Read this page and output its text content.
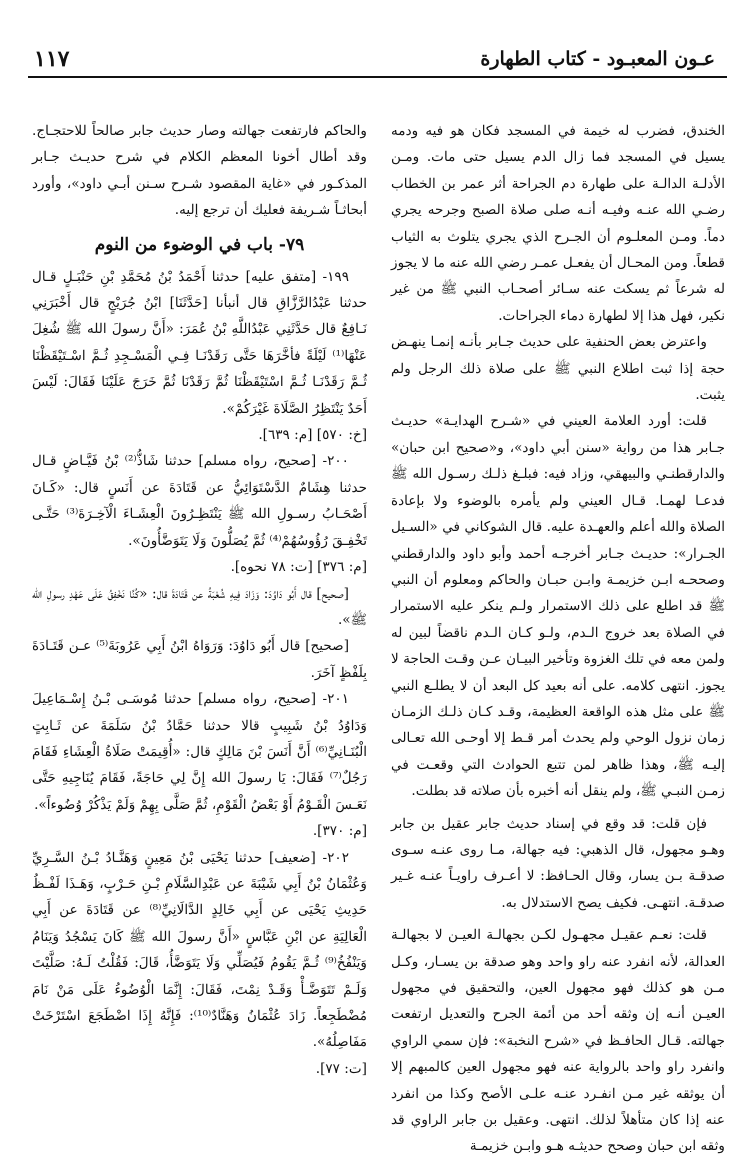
١١٧	عـون المعبـود - كتاب الطهارة

الخندق، فضرب له خيمة في المسجد فكان هو فيه ودمه يسيل في المسجد فما زال الدم يسيل حتى مات. ومـن الأدلـة الدالـة على طهارة دم الجراحة أثر عمر بن الخطاب رضـي الله عنـه وفيـه أنـه صلى صلاة الصبح وجرحه يجري دماً. ومـن المعلـوم أن الجـرح الذي يجري يتلوث به الثياب قطعاً. ومن المحـال أن يفعـل عمـر رضي الله عنه ما لا يجوز له شرعاً ثم يسكت عنه سـائر أصحـاب النبي ﷺ من غير نكير، فهل هذا إلا لطهارة دماء الجراحات.

واعترض بعض الحنفية على حديث جـابر بأنـه إنمـا ينهـض حجة إذا ثبت اطلاع النبي ﷺ على صلاة ذلك الرجل ولم يثبت.

قلت: أورد العلامة العيني في «شـرح الهدايـة» حديـث جـابر هذا من رواية «سنن أبي داود»، و«صحيح ابن حبان» والدارقطنـي والبيهقي، وزاد فيه: فبلـغ ذلـك رسـول الله ﷺ فدعـا لهمـا. قـال العيني ولم يأمره بالوضوء ولا بإعادة الصلاة والله أعلم والعهـدة عليه. قال الشوكاني في «السـيل الجـرار»: حديـث جـابر أخرجـه أحمد وأبو داود والدارقطني وصححـه ابـن خزيمـة وابـن حبـان والحاكم ومعلوم أن النبي ﷺ قد اطلع على ذلك الاستمرار ولـم ينكر عليه الاستمرار في الصلاة بعد خروج الـدم، ولـو كـان الـدم ناقضاً لبين له ولمن معه في تلك الغزوة وتأخير البيـان عـن وقـت الحاجة لا يجوز. انتهى كلامه. على أنه بعيد كل البعد أن لا يطلـع النبي ﷺ على مثل هذه الواقعة العظيمة، وقـد كـان ذلـك الزمـان زمان نزول الوحي ولم يحدث أمر قـط إلا أوحـى الله تعـالى إليـه ﷺ، وهذا ظاهر لمن تتبع الحوادث التي وقعـت في زمـن النبـي ﷺ، ولم ينقل أنه أخبره بأن صلاته قد بطلت.

فإن قلت: قد وقع في إسناد حديث جابر عقيل بن جابر وهـو مجهول، قال الذهبي: فيه جهالة، مـا روى عنـه سـوى صدقـة بـن يسار، وقال الحـافظ: لا أعـرف راويـاً عنـه غـير صدقـة. انتهـى. فكيف يصح الاستدلال به.

قلت: نعـم عقيـل مجهـول لكـن بجهالـة العيـن لا بجهالـة العدالة، لأنه انفرد عنه راو واحد وهو صدقة بن يسـار، وكـل مـن هو كذلك فهو مجهول العين، والتحقيق في مجهول العيـن أنـه إن وثقه أحد من أئمة الجرح والتعديل ارتفعت جهالته. قـال الحافـظ في «شرح النخبة»: فإن سمي الراوي وانفرد راو واحد بالرواية عنه فهو مجهول العين كالمبهم إلا أن يوثقه غير مـن انفـرد عنـه علـى الأصح وكذا من انفرد عنه إذا كان متأهلاً لذلك. انتهى. وعقيل بن جابر الراوي قد وثقه ابن حبان وصحح حديثـه هـو وابـن خزيمـة

والحاكم فارتفعت جهالته وصار حديث جابر صالحاً للاحتجـاج. وقد أطال أخونا المعظم الكلام في شرح حديـث جـابر المذكـور في «غاية المقصود شـرح سـنن أبـي داود»، وأورد أبحاثـاً شـريفة فعليك أن ترجع إليه.

٧٩- باب في الوضوء من النوم

١٩٩- [متفق عليه] حدثنا أَحْمَدُ بْنُ مُحَمَّدِ بْنِ حَنْبَـلٍ قـال حدثنا عَبْدُالرَّزَّاقِ قال أنبأنا [حَدَّثَنَا] ابْنُ جُرَيْجٍ قال أَخْبَرَنِي نَـافِعٌ قال حَدَّثَنِي عَبْدُاللَّهِ بْنُ عُمَرَ: «أَنَّ رسولَ الله ﷺ شُغِلَ عَنْهَا⁽¹⁾ لَيْلَةً فأخَّرَهَا حَتَّى رَقَدْنَـا فِـي الْمَسْـجِدِ ثُـمَّ اسْـتَيْقَظْنَا ثُـمَّ رَقَدْنَـا ثُـمَّ اسْتَيْقَظْنَا ثُمَّ رَقَدْنَا ثُمَّ خَرَجَ عَلَيْنَا فَقَالَ: لَيْسَ أَحَدٌ يَنْتَظِرُ الصَّلَاةَ غَيْرَكُمْ».

[خ: ٥٧٠] [م: ٦٣٩].

٢٠٠- [صحيح، رواه مسلم] حدثنا شَاذُّ⁽²⁾ بْنُ فَيَّـاضٍ قـال حدثنا هِشَامٌ الدَّسْتَوَائِيُّ عن قَتَادَةَ عن أَنَسٍ قال: «كَـانَ أَصْحَـابُ رسـولِ الله ﷺ يَنْتَظِـرُونَ الْعِشَـاءَ الْآخِـرَةَ⁽³⁾ حَتَّـى تَخْفِـقَ رُؤُوسُهُمْ⁽⁴⁾ ثُمَّ يُصَلُّونَ وَلَا يَتَوَضَّأُونَ».

[م: ٣٧٦] [ت: ٧٨ نحوه].

[صحيح] قال أَبُو دَاوُدَ: وَزَادَ فِيهِ شُعْبَةُ عن قَتَادَةَ قال: «كُنَّا نَخْفِقُ عَلَى عَهْدِ رسولِ الله ﷺ».

[صحيح] قال أَبُو دَاوُدَ: وَرَوَاهُ ابْنُ أَبِي عَرُوبَةَ⁽⁵⁾ عـن قَتَـادَةَ بِلَفْظٍ آخَرَ.

٢٠١- [صحيح، رواه مسلم] حدثنا مُوسَـى بْـنُ إِسْـمَاعِيلَ وَدَاوُدُ بْنُ شَبِيبٍ قالا حدثنا حَمَّادُ بْنُ سَلَمَةَ عن ثَـابِتٍ الْبُنَـانِيِّ⁽⁶⁾ أَنَّ أَنَسَ بْنَ مَالِكٍ قال: «أُقِيمَتْ صَلَاةُ الْعِشَاءِ فَقَامَ رَجُلٌ⁽⁷⁾ فَقَالَ: يَا رسولَ الله إِنَّ لِي حَاجَةً، فَقَامَ يُنَاجِيهِ حَتَّى نَعَـسَ الْقَـوْمُ أَوْ بَعْضُ الْقَوْمِ، ثُمَّ صَلَّى بِهِمْ وَلَمْ يَذْكُرْ وُضُوءاً».

[م: ٣٧٠].

٢٠٢- [ضعيف] حدثنا يَحْيَى بْنُ مَعِينٍ وَهَنَّـادُ بْـنُ السَّـرِيِّ وَعُثْمَانُ بْنُ أَبِي شَيْبَةَ عن عَبْدِالسَّلَامِ بْـنِ حَـرْبٍ، وَهَـذَا لَفْـظُ حَدِيثِ يَحْيَى عن أَبِي خَالِدٍ الدَّالَانِيِّ⁽⁸⁾ عن قَتَادَةَ عن أَبِي الْعَالِيَةِ عن ابْنِ عَبَّاسٍ «أَنَّ رسولَ الله ﷺ كَانَ يَسْجُدُ وَيَنَامُ وَيَنْفُخُ⁽⁹⁾ ثُـمَّ يَقُومُ فَيُصَلِّي وَلَا يَتَوَضَّأُ، قَالَ: فَقُلْتُ لَـهُ: صَلَّيْتَ وَلَـمْ تَتَوَضَّـأْ وَقَـدْ نِمْتَ، فَقَالَ: إِنَّمَا الْوُضُوءُ عَلَى مَنْ نَامَ مُضْطَجِعاً. زَادَ عُثْمَانُ وَهَنَّادٌ⁽¹⁰⁾: فَإِنَّهُ إِذَا اضْطَجَعَ اسْتَرْخَتْ مَفَاصِلُهُ».

[ت: ٧٧].
